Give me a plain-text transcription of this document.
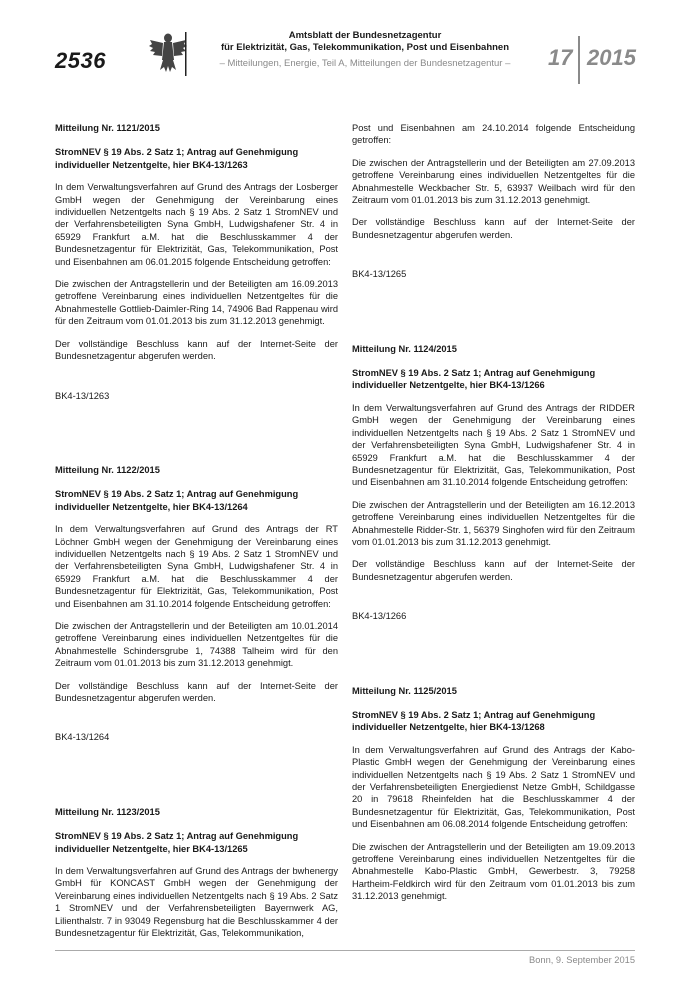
2536
Amtsblatt der Bundesnetzagentur
für Elektrizität, Gas, Telekommunikation, Post und Eisenbahnen
– Mitteilungen, Energie, Teil A, Mitteilungen der Bundesnetzagentur –	17 2015

Mitteilung Nr. 1121/2015

StromNEV § 19 Abs. 2 Satz 1; Antrag auf Genehmigung individueller Netzentgelte, hier BK4-13/1263

In dem Verwaltungsverfahren auf Grund des Antrags der Losberger GmbH wegen der Genehmigung der Vereinbarung eines individuellen Netzentgelts nach § 19 Abs. 2 Satz 1 StromNEV und der Verfahrensbeteiligten Syna GmbH, Ludwigshafener Str. 4 in 65929 Frankfurt a.M. hat die Beschlusskammer 4 der Bundesnetzagentur für Elektrizität, Gas, Telekommunikation, Post und Eisenbahnen am 06.01.2015 folgende Entscheidung getroffen:

Die zwischen der Antragstellerin und der Beteiligten am 16.09.2013 getroffene Vereinbarung eines individuellen Netzentgeltes für die Abnahmestelle Gottlieb-Daimler-Ring 14, 74906 Bad Rappenau wird für den Zeitraum vom 01.01.2013 bis zum 31.12.2013 genehmigt.

Der vollständige Beschluss kann auf der Internet-Seite der Bundesnetzagentur abgerufen werden.

BK4-13/1263

Mitteilung Nr. 1122/2015

StromNEV § 19 Abs. 2 Satz 1; Antrag auf Genehmigung individueller Netzentgelte, hier BK4-13/1264

In dem Verwaltungsverfahren auf Grund des Antrags der RT Löchner GmbH wegen der Genehmigung der Vereinbarung eines individuellen Netzentgelts nach § 19 Abs. 2 Satz 1 StromNEV und der Verfahrensbeteiligten Syna GmbH, Ludwigshafener Str. 4 in 65929 Frankfurt a.M. hat die Beschlusskammer 4 der Bundesnetzagentur für Elektrizität, Gas, Telekommunikation, Post und Eisenbahnen am 31.10.2014 folgende Entscheidung getroffen:

Die zwischen der Antragstellerin und der Beteiligten am 10.01.2014 getroffene Vereinbarung eines individuellen Netzentgeltes für die Abnahmestelle Schindersgrube 1, 74388 Talheim wird für den Zeitraum vom 01.01.2013 bis zum 31.12.2013 genehmigt.

Der vollständige Beschluss kann auf der Internet-Seite der Bundesnetzagentur abgerufen werden.

BK4-13/1264

Mitteilung Nr. 1123/2015

StromNEV § 19 Abs. 2 Satz 1; Antrag auf Genehmigung individueller Netzentgelte, hier BK4-13/1265

In dem Verwaltungsverfahren auf Grund des Antrags der bwhenergy GmbH für KONCAST GmbH wegen der Genehmigung der Vereinbarung eines individuellen Netzentgelts nach § 19 Abs. 2 Satz 1 StromNEV und der Verfahrensbeteiligten Bayernwerk AG, Lilienthalstr. 7 in 93049 Regensburg hat die Beschlusskammer 4 der Bundesnetzagentur für Elektrizität, Gas, Telekommunikation,

Post und Eisenbahnen am 24.10.2014 folgende Entscheidung getroffen:

Die zwischen der Antragstellerin und der Beteiligten am 27.09.2013 getroffene Vereinbarung eines individuellen Netzentgeltes für die Abnahmestelle Weckbacher Str. 5, 63937 Weilbach wird für den Zeitraum vom 01.01.2013 bis zum 31.12.2013 genehmigt.

Der vollständige Beschluss kann auf der Internet-Seite der Bundesnetzagentur abgerufen werden.

BK4-13/1265

Mitteilung Nr. 1124/2015

StromNEV § 19 Abs. 2 Satz 1; Antrag auf Genehmigung individueller Netzentgelte, hier BK4-13/1266

In dem Verwaltungsverfahren auf Grund des Antrags der RIDDER GmbH wegen der Genehmigung der Vereinbarung eines individuellen Netzentgelts nach § 19 Abs. 2 Satz 1 StromNEV und der Verfahrensbeteiligten Syna GmbH, Ludwigshafener Str. 4 in 65929 Frankfurt a.M. hat die Beschlusskammer 4 der Bundesnetzagentur für Elektrizität, Gas, Telekommunikation, Post und Eisenbahnen am 31.10.2014 folgende Entscheidung getroffen:

Die zwischen der Antragstellerin und der Beteiligten am 16.12.2013 getroffene Vereinbarung eines individuellen Netzentgeltes für die Abnahmestelle Ridder-Str. 1, 56379 Singhofen wird für den Zeitraum vom 01.01.2013 bis zum 31.12.2013 genehmigt.

Der vollständige Beschluss kann auf der Internet-Seite der Bundesnetzagentur abgerufen werden.

BK4-13/1266

Mitteilung Nr. 1125/2015

StromNEV § 19 Abs. 2 Satz 1; Antrag auf Genehmigung individueller Netzentgelte, hier BK4-13/1268

In dem Verwaltungsverfahren auf Grund des Antrags der Kabo-Plastic GmbH wegen der Genehmigung der Vereinbarung eines individuellen Netzentgelts nach § 19 Abs. 2 Satz 1 StromNEV und der Verfahrensbeteiligten Energiedienst Netze GmbH, Schildgasse 20 in 79618 Rheinfelden hat die Beschlusskammer 4 der Bundesnetzagentur für Elektrizität, Gas, Telekommunikation, Post und Eisenbahnen am 06.08.2014 folgende Entscheidung getroffen:

Die zwischen der Antragstellerin und der Beteiligten am 19.09.2013 getroffene Vereinbarung eines individuellen Netzentgeltes für die Abnahmestelle Kabo-Plastic GmbH, Gewerbestr. 3, 79258 Hartheim-Feldkirch wird für den Zeitraum vom 01.01.2013 bis zum 31.12.2013 genehmigt.

Bonn, 9. September 2015
